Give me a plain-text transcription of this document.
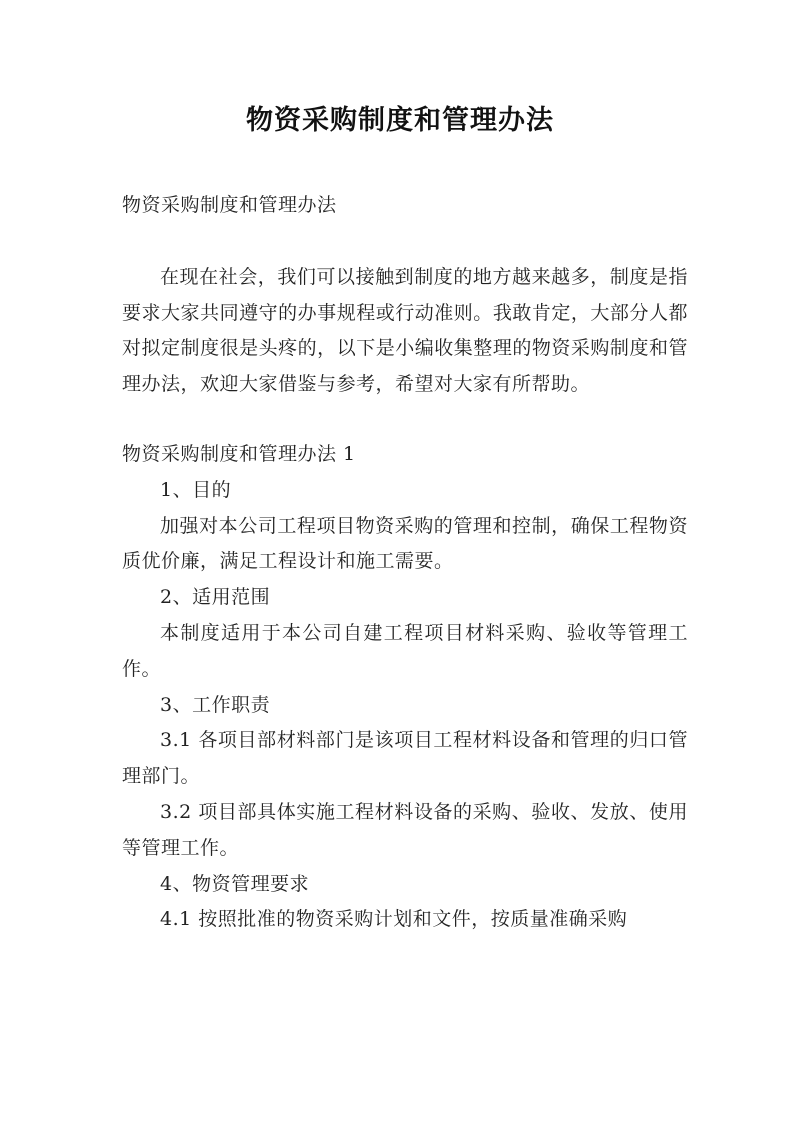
物资采购制度和管理办法

物资采购制度和管理办法

在现在社会，我们可以接触到制度的地方越来越多，制度是指要求大家共同遵守的办事规程或行动准则。我敢肯定，大部分人都对拟定制度很是头疼的，以下是小编收集整理的物资采购制度和管理办法，欢迎大家借鉴与参考，希望对大家有所帮助。

物资采购制度和管理办法 1

1、目的

加强对本公司工程项目物资采购的管理和控制，确保工程物资质优价廉，满足工程设计和施工需要。

2、适用范围

本制度适用于本公司自建工程项目材料采购、验收等管理工作。

3、工作职责

3.1 各项目部材料部门是该项目工程材料设备和管理的归口管理部门。

3.2 项目部具体实施工程材料设备的采购、验收、发放、使用等管理工作。

4、物资管理要求

4.1 按照批准的物资采购计划和文件，按质量准确采购
